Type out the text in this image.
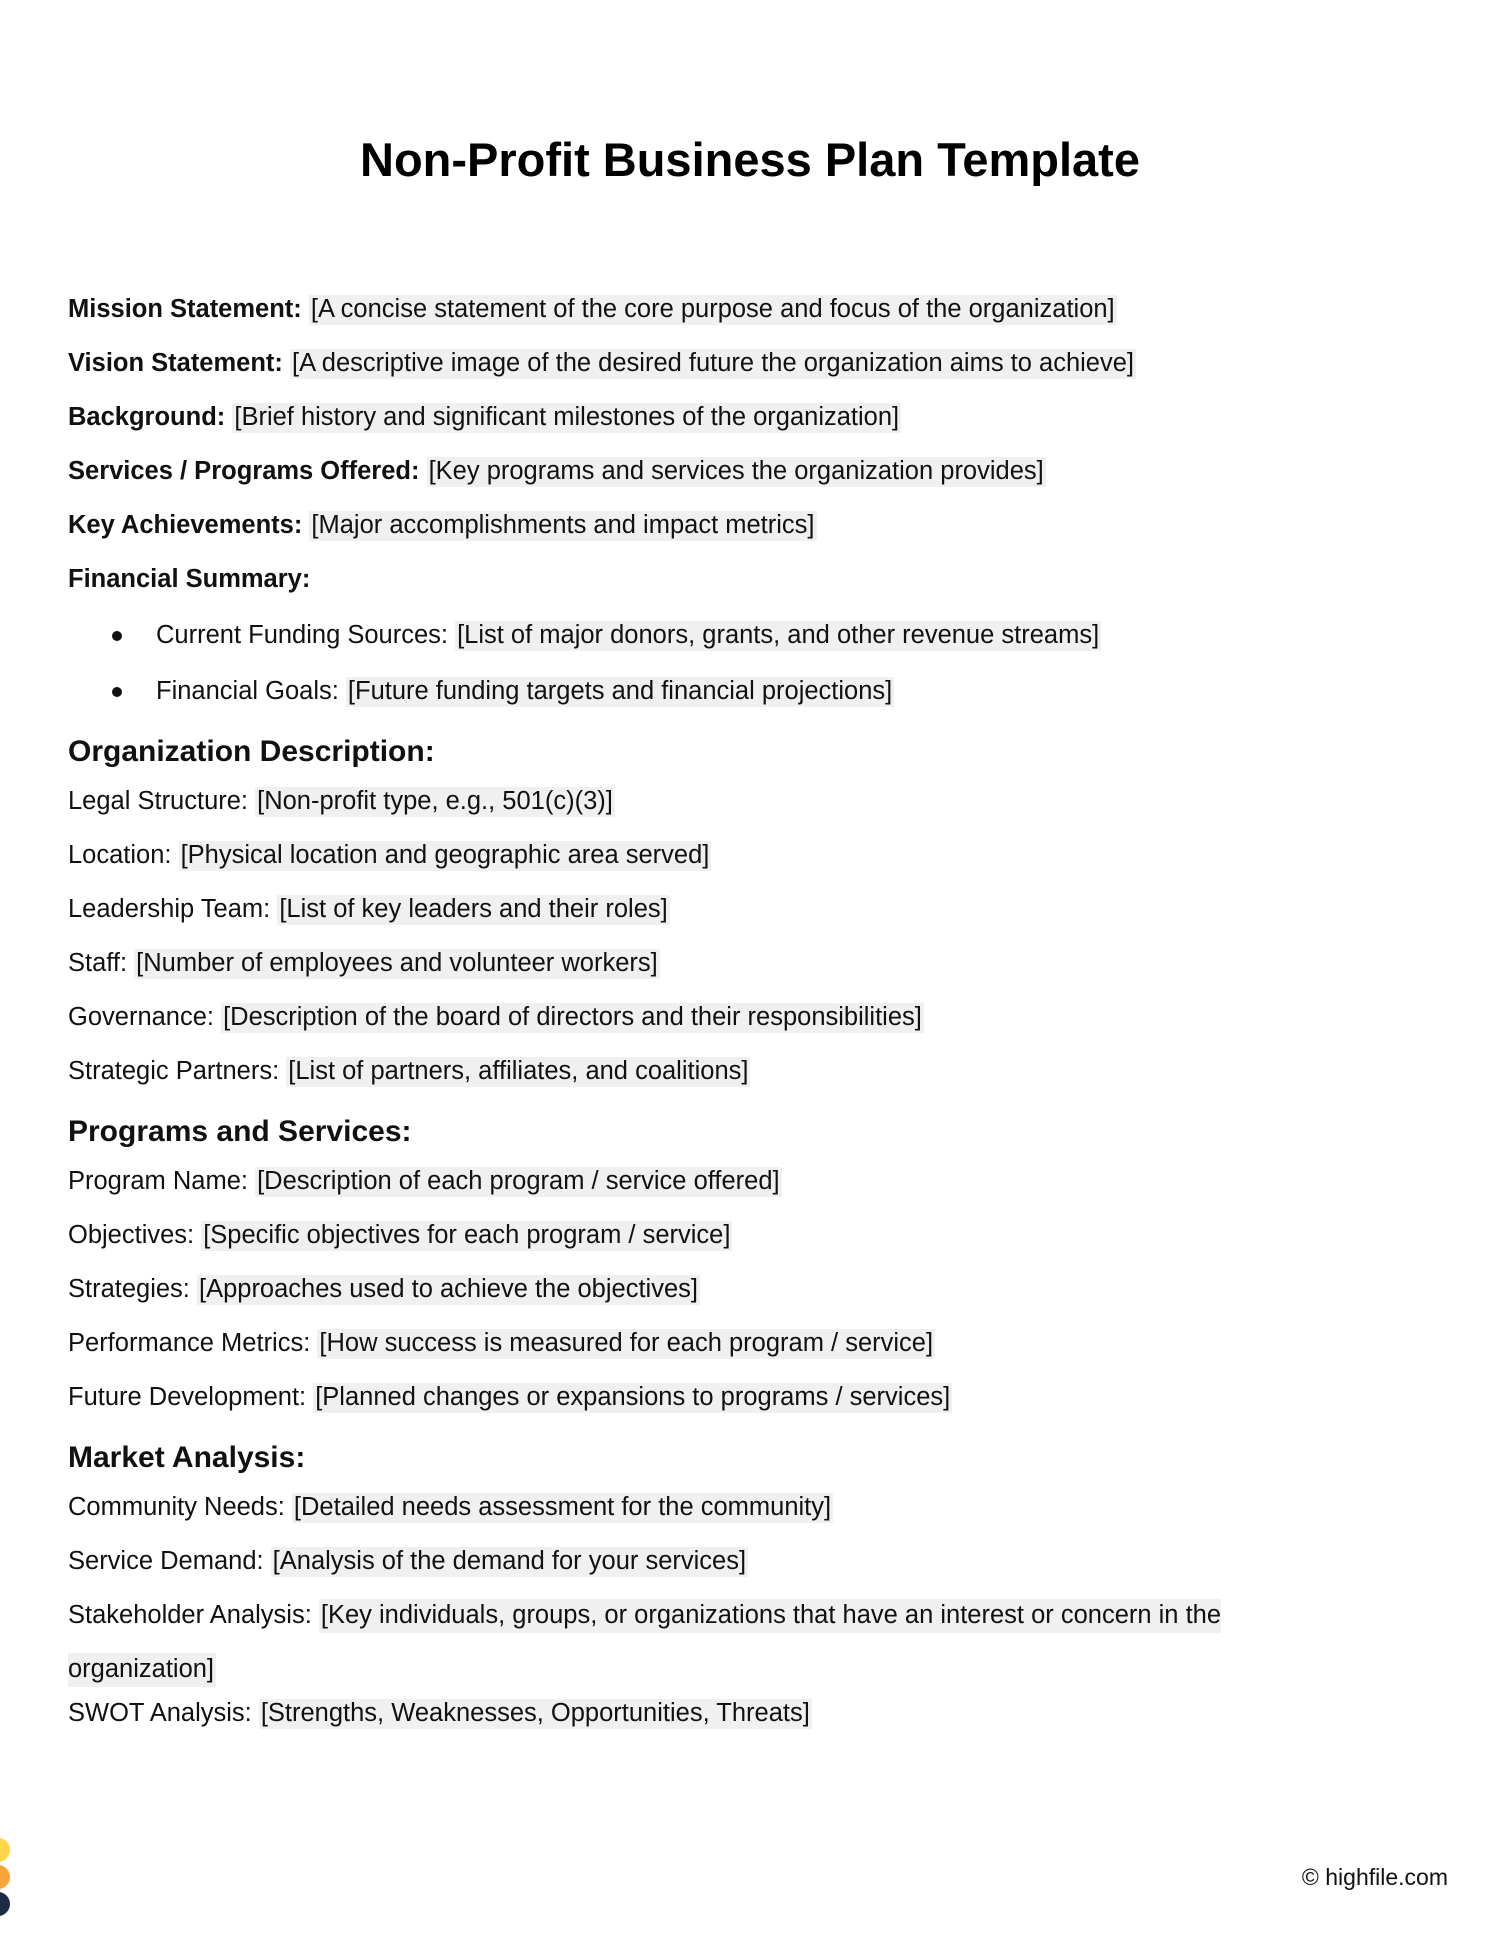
Non-Profit Business Plan Template
Mission Statement: [A concise statement of the core purpose and focus of the organization]
Vision Statement: [A descriptive image of the desired future the organization aims to achieve]
Background: [Brief history and significant milestones of the organization]
Services / Programs Offered: [Key programs and services the organization provides]
Key Achievements: [Major accomplishments and impact metrics]
Financial Summary:
Current Funding Sources: [List of major donors, grants, and other revenue streams]
Financial Goals: [Future funding targets and financial projections]
Organization Description:
Legal Structure: [Non-profit type, e.g., 501(c)(3)]
Location: [Physical location and geographic area served]
Leadership Team: [List of key leaders and their roles]
Staff: [Number of employees and volunteer workers]
Governance: [Description of the board of directors and their responsibilities]
Strategic Partners: [List of partners, affiliates, and coalitions]
Programs and Services:
Program Name: [Description of each program / service offered]
Objectives: [Specific objectives for each program / service]
Strategies: [Approaches used to achieve the objectives]
Performance Metrics: [How success is measured for each program / service]
Future Development: [Planned changes or expansions to programs / services]
Market Analysis:
Community Needs: [Detailed needs assessment for the community]
Service Demand: [Analysis of the demand for your services]
Stakeholder Analysis: [Key individuals, groups, or organizations that have an interest or concern in the organization]
SWOT Analysis: [Strengths, Weaknesses, Opportunities, Threats]
© highfile.com
